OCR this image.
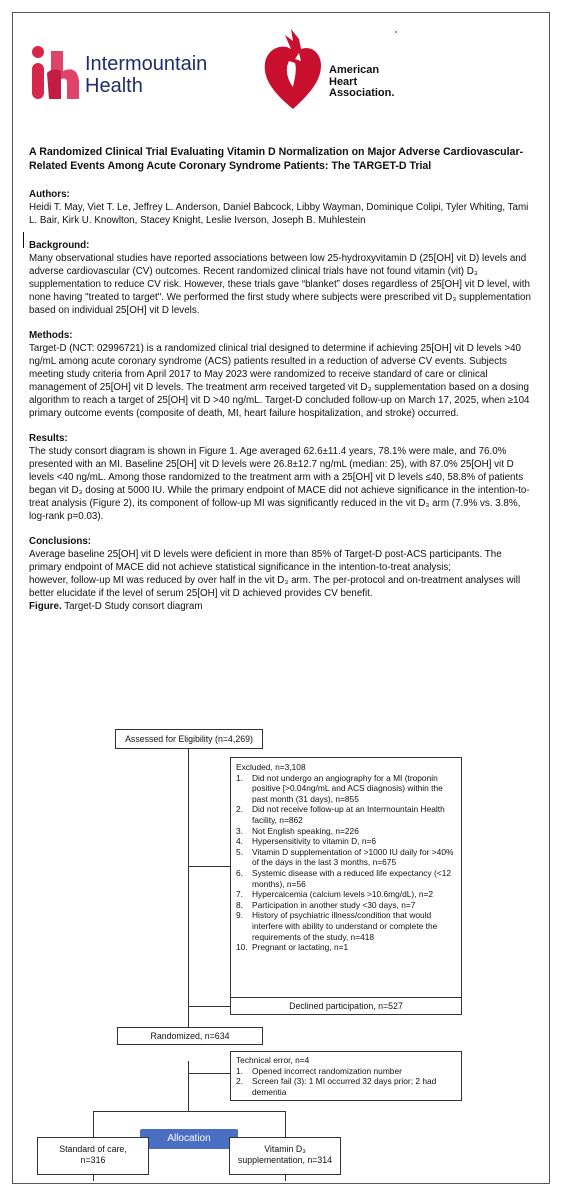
Intermountain
Health
American
Heart
Association.

A Randomized Clinical Trial Evaluating Vitamin D Normalization on Major Adverse Cardiovascular-Related Events Among Acute Coronary Syndrome Patients: The TARGET-D Trial

Authors:

Heidi T. May, Viet T. Le, Jeffrey L. Anderson, Daniel Babcock, Libby Wayman, Dominique Colipi, Tyler Whiting, Tami L. Bair, Kirk U. Knowlton, Stacey Knight, Leslie Iverson, Joseph B. Muhlestein

Background:

Many observational studies have reported associations between low 25-hydroxyvitamin D (25[OH] vit D) levels and adverse cardiovascular (CV) outcomes. Recent randomized clinical trials have not found vitamin (vit) D₃ supplementation to reduce CV risk. However, these trials gave “blanket” doses regardless of 25[OH] vit D level, with none having "treated to target". We performed the first study where subjects were prescribed vit D₃ supplementation based on individual 25[OH] vit D levels.

Methods:

Target-D (NCT: 02996721) is a randomized clinical trial designed to determine if achieving 25[OH] vit D levels >40 ng/mL among acute coronary syndrome (ACS) patients resulted in a reduction of adverse CV events. Subjects meeting study criteria from April 2017 to May 2023 were randomized to receive standard of care or clinical management of 25[OH] vit D levels. The treatment arm received targeted vit D₃ supplementation based on a dosing algorithm to reach a target of 25[OH] vit D >40 ng/mL. Target-D concluded follow-up on March 17, 2025, when ≥104 primary outcome events (composite of death, MI, heart failure hospitalization, and stroke) occurred.

Results:

The study consort diagram is shown in Figure 1. Age averaged 62.6±11.4 years, 78.1% were male, and 76.0% presented with an MI. Baseline 25[OH] vit D levels were 26.8±12.7 ng/mL (median: 25), with 87.0% 25[OH] vit D levels <40 ng/mL. Among those randomized to the treatment arm with a 25[OH] vit D levels ≤40, 58.8% of patients began vit D₃ dosing at 5000 IU. While the primary endpoint of MACE did not achieve significance in the intention-to-treat analysis (Figure 2), its component of follow-up MI was significantly reduced in the vit D₃ arm (7.9% vs. 3.8%, log-rank p=0.03).

Conclusions:

Average baseline 25[OH] vit D levels were deficient in more than 85% of Target-D post-ACS participants. The primary endpoint of MACE did not achieve statistical significance in the intention-to-treat analysis;

however, follow-up MI was reduced by over half in the vit D₃ arm. The per-protocol and on-treatment analyses will better elucidate if the level of serum 25[OH] vit D achieved provides CV benefit.

Figure. Target-D Study consort diagram

Assessed for Eligibility (n=4,269)
Excluded, n=3,108
1. Did not undergo an angiography for a MI (troponin positive [>0.04ng/mL and ACS diagnosis) within the past month (31 days), n=855
2. Did not receive follow-up at an Intermountain Health facility, n=862
3. Not English speaking, n=226
4. Hypersensitivity to vitamin D, n=6
5. Vitamin D supplementation of >1000 IU daily for >40% of the days in the last 3 months, n=675
6. Systemic disease with a reduced life expectancy (<12 months), n=56
7. Hypercalcemia (calcium levels >10.6mg/dL), n=2
8. Participation in another study <30 days, n=7
9. History of psychiatric illness/condition that would interfere with ability to understand or complete the requirements of the study, n=418
10. Pregnant or lactating, n=1
Declined participation, n=527
Randomized, n=634
Technical error, n=4
1. Opened incorrect randomization number
2. Screen fail (3): 1 MI occurred 32 days prior; 2 had dementia
Allocation
Standard of care,
n=316
Vitamin D₃
supplementation, n=314
